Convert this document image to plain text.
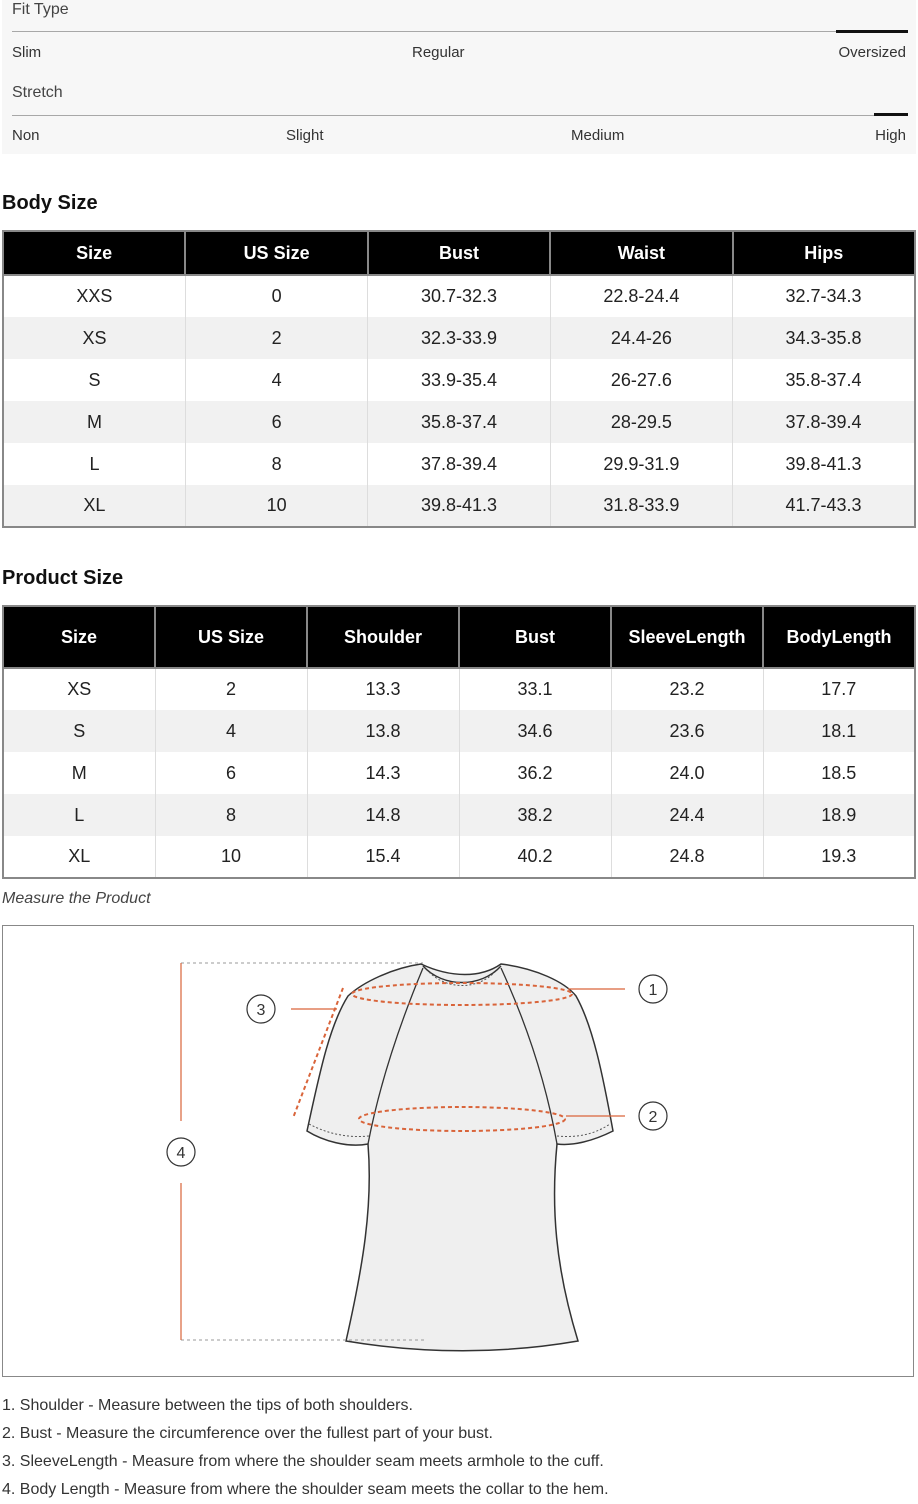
Fit Type
Slim	Regular	Oversized
Stretch
Non	Slight	Medium	High
Body Size
Size	US Size	Bust	Waist	Hips
XXS	0	30.7-32.3	22.8-24.4	32.7-34.3
XS	2	32.3-33.9	24.4-26	34.3-35.8
S	4	33.9-35.4	26-27.6	35.8-37.4
M	6	35.8-37.4	28-29.5	37.8-39.4
L	8	37.8-39.4	29.9-31.9	39.8-41.3
XL	10	39.8-41.3	31.8-33.9	41.7-43.3
Product Size
Size	US Size	Shoulder	Bust	SleeveLength	BodyLength
XS	2	13.3	33.1	23.2	17.7
S	4	13.8	34.6	23.6	18.1
M	6	14.3	36.2	24.0	18.5
L	8	14.8	38.2	24.4	18.9
XL	10	15.4	40.2	24.8	19.3
Measure the Product
1
2
3
4
1. Shoulder - Measure between the tips of both shoulders.
2. Bust - Measure the circumference over the fullest part of your bust.
3. SleeveLength - Measure from where the shoulder seam meets armhole to the cuff.
4. Body Length - Measure from where the shoulder seam meets the collar to the hem.
